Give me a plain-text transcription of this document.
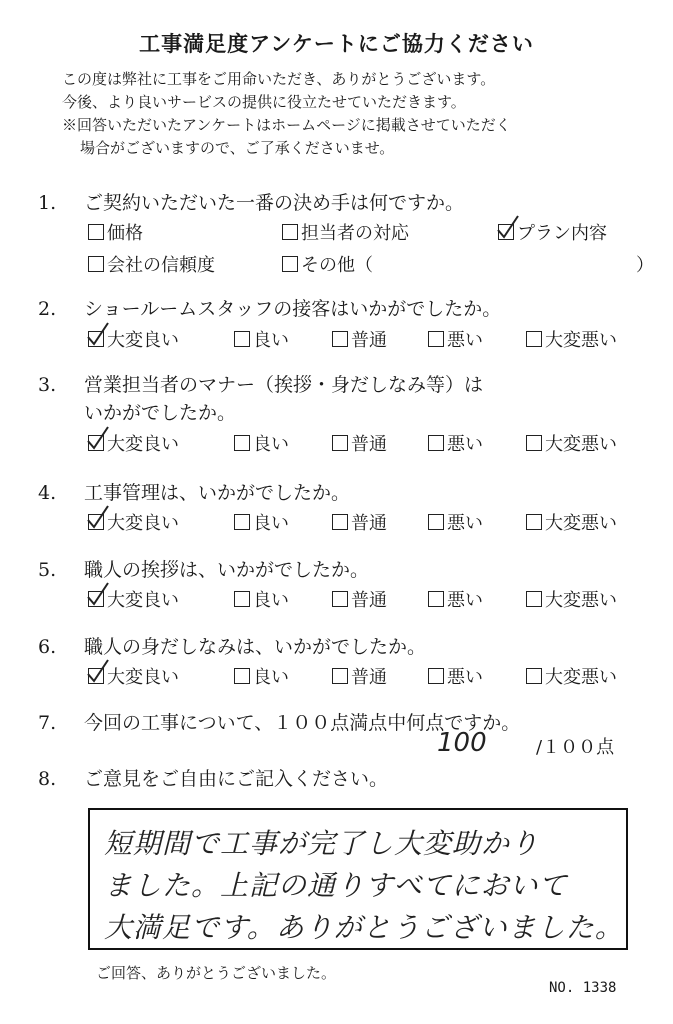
工事満足度アンケートにご協力ください
この度は弊社に工事をご用命いただき、ありがとうございます。
今後、より良いサービスの提供に役立たせていただきます。
※回答いただいたアンケートはホームページに掲載させていただく
場合がございますので、ご了承くださいませ。
1. ご契約いただいた一番の決め手は何ですか。
価格	担当者の対応	プラン内容
会社の信頼度	その他（	）
2. ショールームスタッフの接客はいかがでしたか。
大変良い	良い	普通	悪い	大変悪い
3. 営業担当者のマナー（挨拶・身だしなみ等）は
いかがでしたか。
大変良い	良い	普通	悪い	大変悪い
4. 工事管理は、いかがでしたか。
大変良い	良い	普通	悪い	大変悪い
5. 職人の挨拶は、いかがでしたか。
大変良い	良い	普通	悪い	大変悪い
6. 職人の身だしなみは、いかがでしたか。
大変良い	良い	普通	悪い	大変悪い
7. 今回の工事について、１００点満点中何点ですか。
100	/１００点
8. ご意見をご自由にご記入ください。
短期間で工事が完了し大変助かり
ました。上記の通りすべてにおいて
大満足です。ありがとうございました。
ご回答、ありがとうございました。
NO. 1338
